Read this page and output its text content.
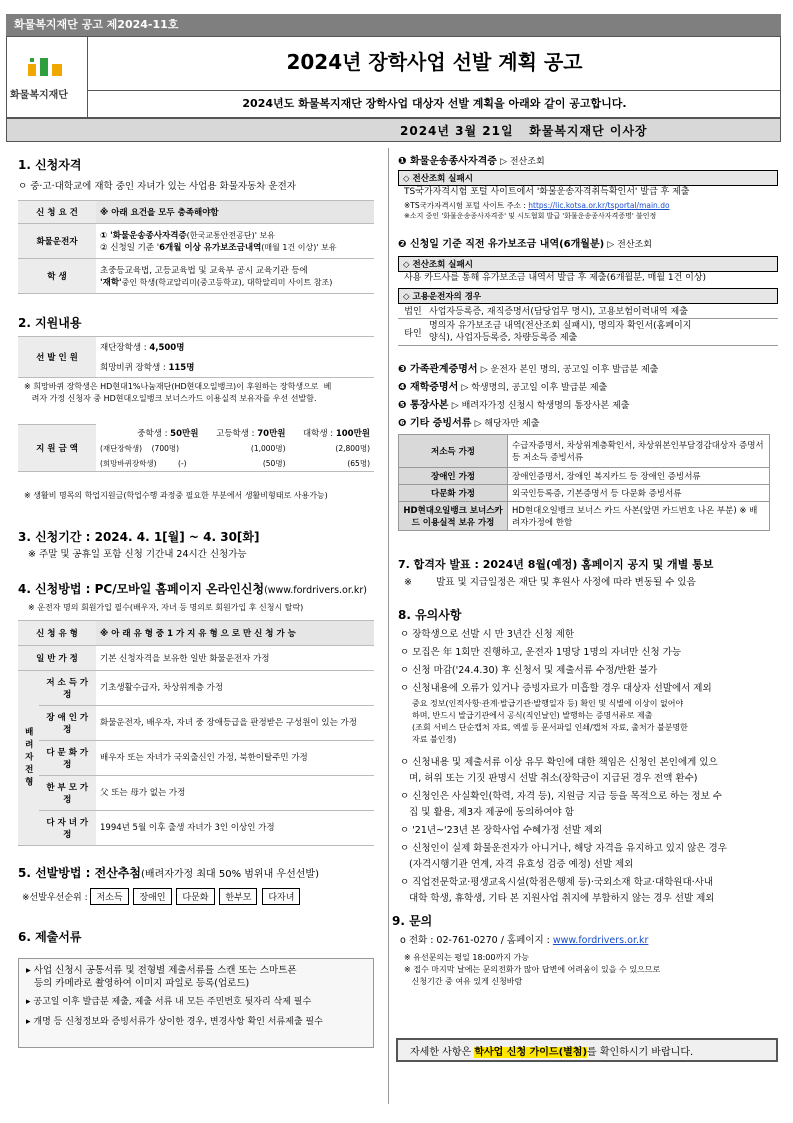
화물복지재단 공고 제2024-11호
화물복지재단
2024년 장학사업 선발 계획 공고
2024년도 화물복지재단 장학사업 대상자 선발 계획을 아래와 같이 공고합니다.
2024년 3월 21일 화물복지재단 이사장
1. 신청자격
ㅇ 중·고·대학교에 재학 중인 자녀가 있는 사업용 화물자동차 운전자
신 청 요 건	※ 아래 요건을 모두 충족해야함
화물운전자	① '화물운송종사자격증(한국교통안전공단)' 보유
② 신청일 기준 '6개월 이상 유가보조금내역(매월 1건 이상)' 보유
학 생	초중등교육법, 고등교육법 및 교육부 공시 교육기관 등에
'재학'중인 학생(학교알리미(중고등학교), 대학알리미 사이트 참조)
2. 지원내용
선 발 인 원	재단장학생 : 4,500명
희망비퀴 장학생 : 115명
※ 희망바퀴 장학생은 HD현대1%나눔재단(HD현대오일뱅크)이 후원하는 장학생으로  베
려자 가정 신청자 중 HD현대오일뱅크 보너스카드 이용실적 보유자를 우선 선발함.
지 원 금 액	중학생 : 50만원	고등학생 : 70만원	대학생 : 100만원
	(재단장학생) (700명)	(1,000명)	(2,800명)
	(희망바퀴장학생) (-)	(50명)	(65명)
※ 생활비 명목의 학업지원금(학업수행 과정중 필요한 부분에서 생활비형태로 사용가능)
3. 신청기간 : 2024. 4. 1[월] ~ 4. 30[화]
※ 주말 및 공휴일 포함 신청 기간내 24시간 신청가능
4. 신청방법 : PC/모바일 홈페이지 온라인신청(www.fordrivers.or.kr)
※ 운전자 명의 회원가입 필수(배우자, 자녀 등 명의로 회원가입 후 신청시 탈락)
신 청 유 형		※ 아 래 유 형 중 1 가 지 유 형 으 로 만 신 청 가 능
일 반 가 정		기본 신청자격을 보유한 일반 화물운전자 가정
배려자전형	저 소 득 가 정	기초생활수급자, 차상위계층 가정
	장 애 인 가 정	화물운전자, 배우자, 자녀 중 장애등급을 판정받은 구성원이 있는 가정
	다 문 화 가 정	배우자 또는 자녀가 국외출신인 가정, 북한이탈주민 가정
	한 부 모 가 정	父 또는 母가 없는 가정
	다 자 녀 가 정	1994년 5월 이후 출생 자녀가 3인 이상인 가정
5. 선발방법 : 전산추첨(배려자가정 최대 50% 범위내 우선선발)
※선발우선순위 : 저소득 장애인 다문화 한부모 다자녀
6. 제출서류
▸ 사업 신청시 공통서류 및 전형별 제출서류를 스캔 또는 스마트폰
등의 카메라로 촬영하여 이미지 파일로 등록(업로드)
▸ 공고일 이후 발급분 제출, 제출 서류 내 모든 주민번호 뒷자리 삭제 필수
▸ 개명 등 신청정보와 증빙서류가 상이한 경우, 변경사항 확인 서류제출 필수
❶ 화물운송종사자격증 ▷ 전산조회
◇ 전산조회 실패시
TS국가자격시험 포털 사이트에서 '화물운송자격취득확인서' 발급 후 제출
※TS국가자격시험 포털 사이트 주소 : https://lic.kotsa.or.kr/tsportal/main.do
※소지 중인 '화물운송종사자격증' 및 시도협회 발급 '화물운송종사자격증명' 불인정
❷ 신청일 기준 직전 유가보조금 내역(6개월분) ▷ 전산조회
◇ 전산조회 실패시
사용 카드사를 통해 유가보조금 내역서 발급 후 제출(6개월분, 매월 1건 이상)
◇ 고용운전자의 경우
법인	사업자등록증, 재직증명서(담당업무 명시), 고용보험이력내역 제출
타인	명의자 유가보조금 내역(전산조회 실패시), 명의자 확인서(홈페이지
양식), 사업자등록증, 차량등록증 제출
❸ 가족관계증명서 ▷ 운전자 본인 명의, 공고일 이후 발급분 제출
❹ 재학증명서 ▷ 학생명의, 공고일 이후 발급분 제출
❺ 통장사본 ▷ 배려자가정 신청시 학생명의 통장사본 제출
❻ 기타 증빙서류 ▷ 해당자만 제출
저소득 가정	수급자증명서, 차상위계층확인서, 차상위본인부담경감대상자 증명서 등 저소득 증빙서류
장애인 가정	장애인증명서, 장애인 복지카드 등 장애인 증빙서류
다문화 가정	외국인등록증, 기본증명서 등 다문화 증빙서류
HD현대오일뱅크 보너스카드 이용실적 보유 가정	HD현대오일뱅크 보너스 카드 사본(앞면 카드번호 나온 부분) ※ 배려자가정에 한함
7. 합격자 발표 : 2024년 8월(예정) 홈페이지 공지 및 개별 통보
※        발표 및 지급일정은 재단 및 후원사 사정에 따라 변동될 수 있음
8. 유의사항
ㅇ 장학생으로 선발 시 만 3년간 신청 제한
ㅇ 모집은 年 1회만 진행하고, 운전자 1명당 1명의 자녀만 신청 가능
ㅇ 신청 마감('24.4.30) 후 신청서 및 제출서류 수정/반환 불가
ㅇ 신청내용에 오류가 있거나 증빙자료가 미흡할 경우 대상자 선발에서 제외
중요 정보(인적사항·관계·발급기관·발행일자 등) 확인 및 식별에 이상이 없어야
하며, 반드시 발급기관에서 공식(직인날인) 발행하는 증명서류로 제출
(조회 서비스 단순캡처 자료, 엑셀 등 문서파일 인쇄/캡처 자료, 출처가 불분명한
자료 불인정)
ㅇ 신청내용 및 제출서류 이상 유무 확인에 대한 책임은 신청인 본인에게 있으
며, 허위 또는 기짓 판명시 선발 취소(장학금이 지급된 경우 전액 환수)
ㅇ 신청인은 사실확인(학력, 자격 등), 지원금 지급 등을 목적으로 하는 정보 수
집 및 활용, 제3자 제공에 동의하여야 함
ㅇ '21년~'23년 본 장학사업 수혜가정 선발 제외
ㅇ 신청인이 실제 화물운전자가 아니거나, 해당 자격을 유지하고 있지 않은 경우
(자격시행기관 연계, 자격 유효성 검증 예정) 선발 제외
ㅇ 직업전문학교·평생교육시설(학점은행제 등)·국외소재 학교·대학원대·사내
대학 학생, 휴학생, 기타 본 지원사업 취지에 부합하지 않는 경우 선발 제외
9. 문의
o 전화 : 02-761-0270 / 홈페이지 : www.fordrivers.or.kr
※ 유선문의는 평일 18:00까지 가능
※ 접수 마지막 날에는 문의전화가 많아 답변에 어려움이 있을 수 있으므로
신청기간 중 여유 있게 신청바람
자세한 사항은 학사업 신청 가이드(별첨)를 확인하시기 바랍니다.
